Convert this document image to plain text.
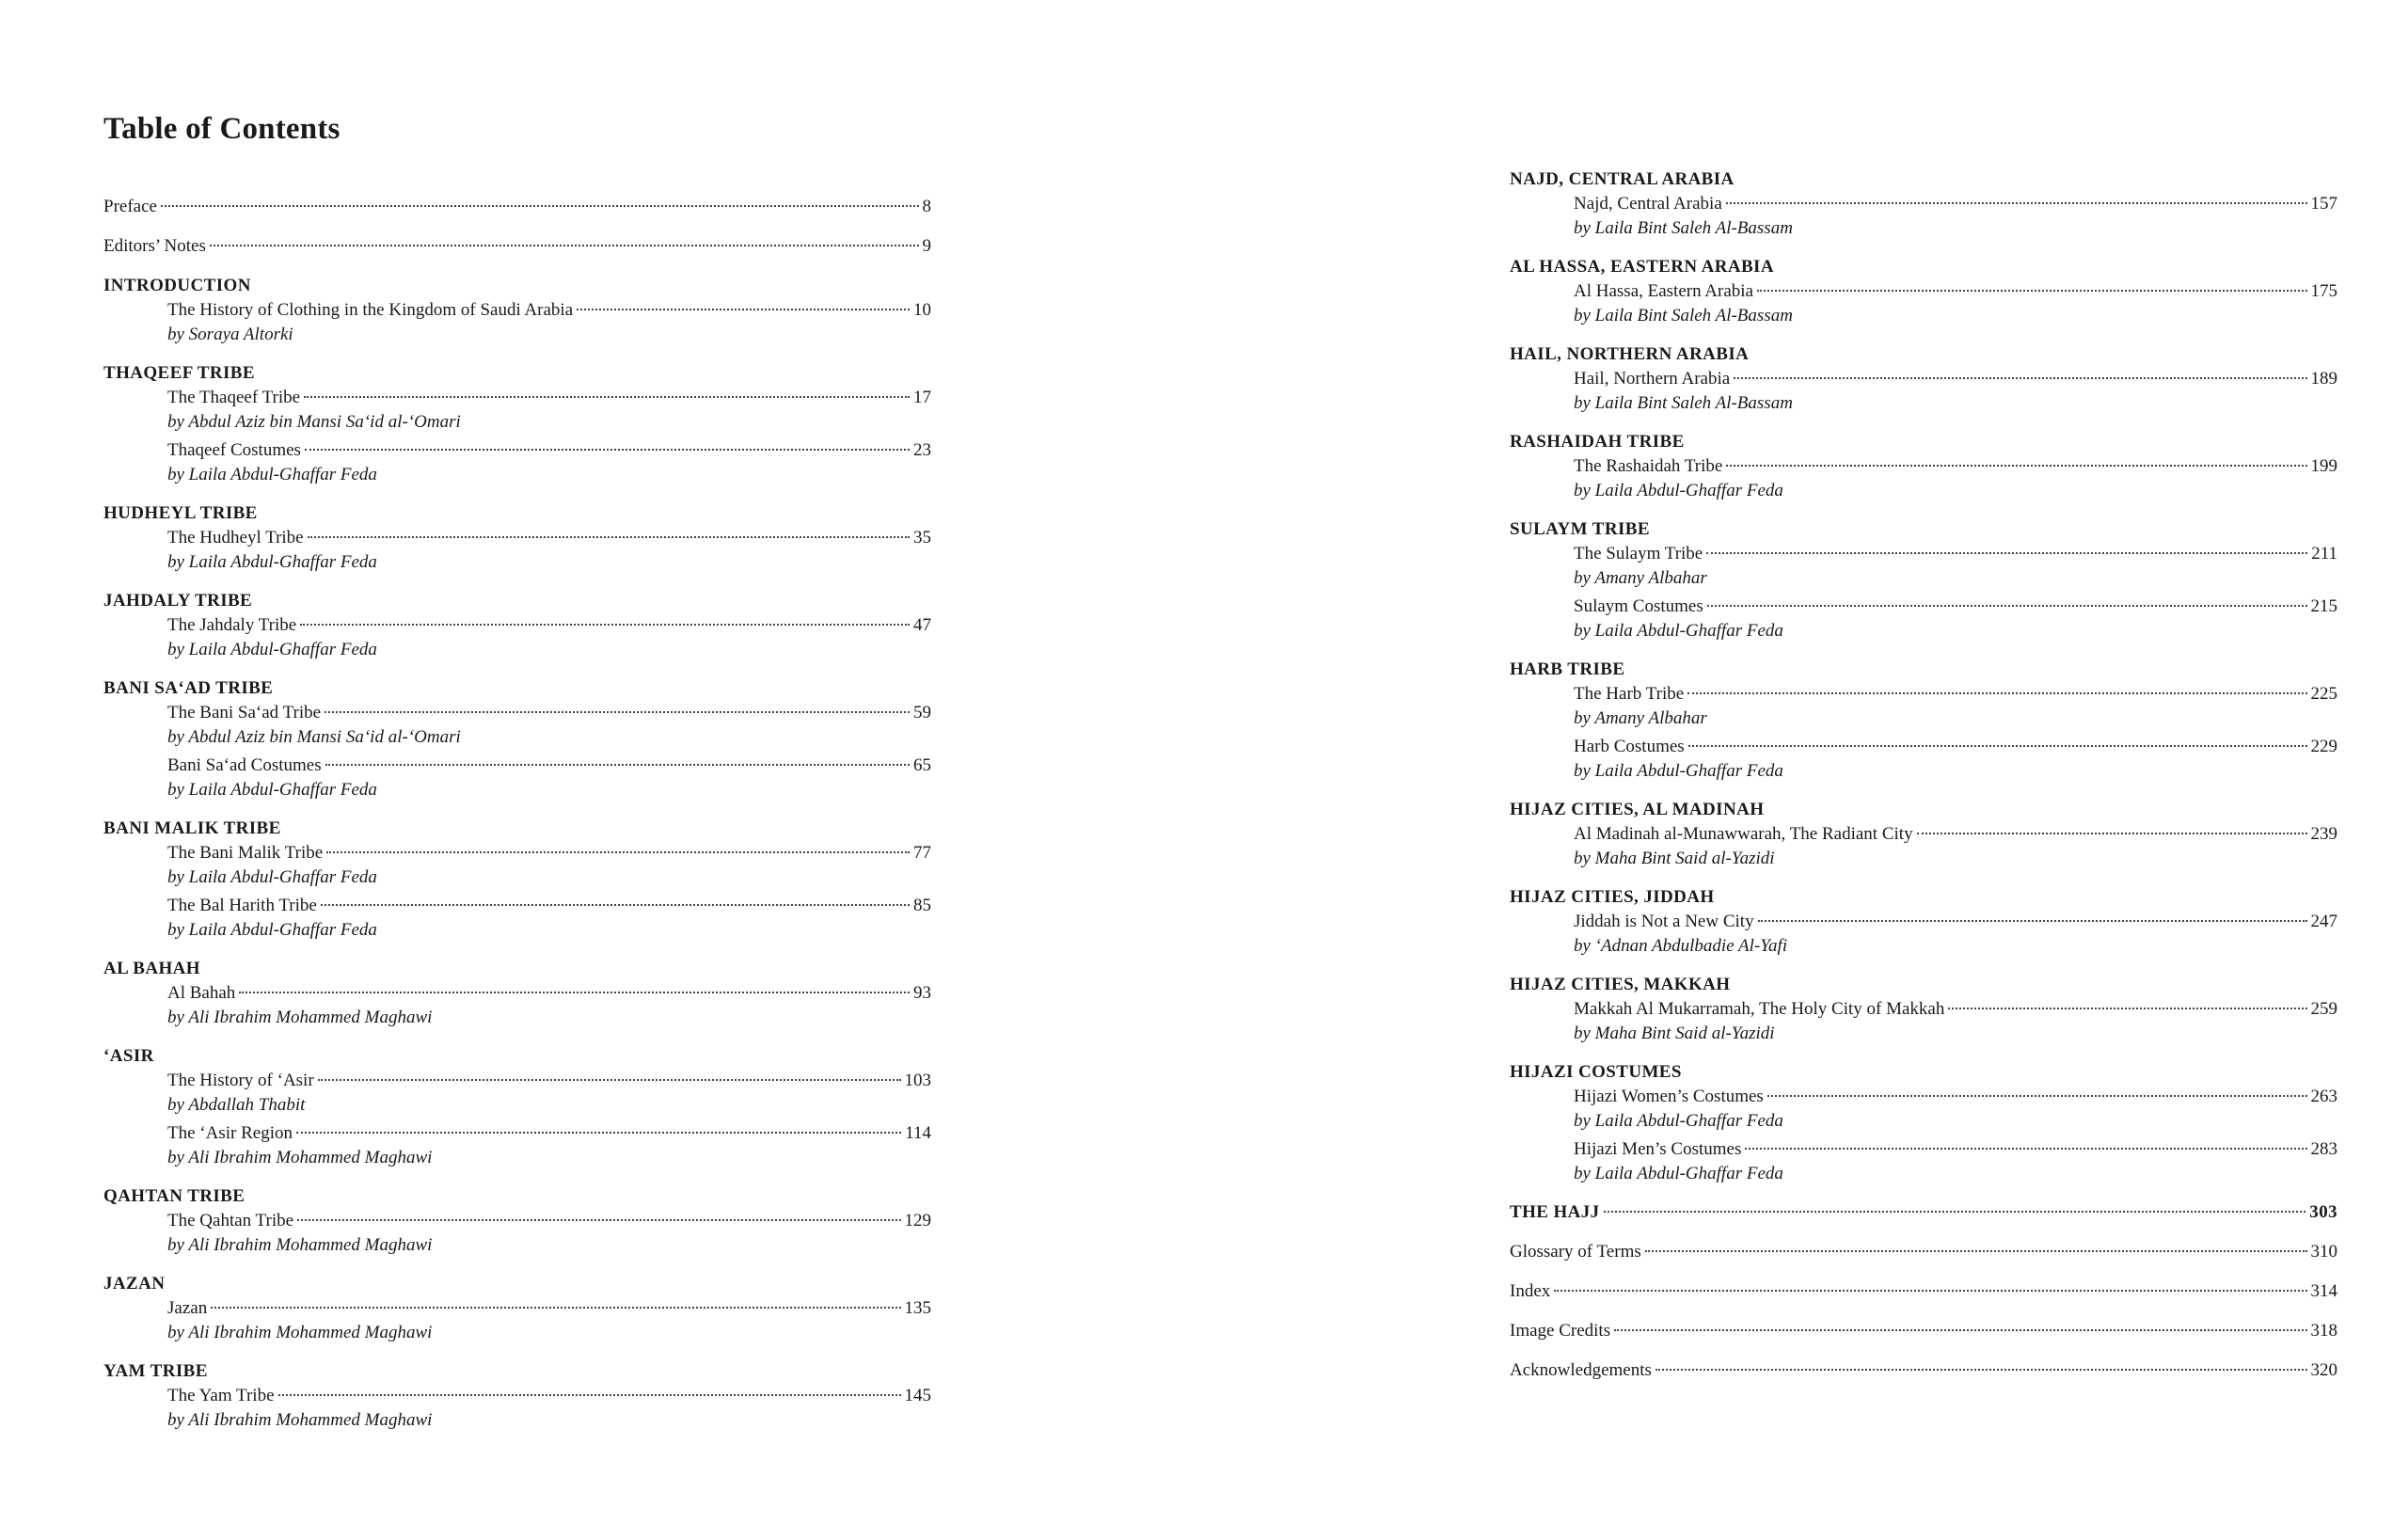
Table of Contents
Preface	8
Editors’ Notes	9
INTRODUCTION
The History of Clothing in the Kingdom of Saudi Arabia	10
by Soraya Altorki
THAQEEF TRIBE
The Thaqeef Tribe	17
by Abdul Aziz bin Mansi Sa‘id al-‘Omari
Thaqeef Costumes	23
by Laila Abdul-Ghaffar Feda
HUDHEYL TRIBE
The Hudheyl Tribe	35
by Laila Abdul-Ghaffar Feda
JAHDALY TRIBE
The Jahdaly Tribe	47
by Laila Abdul-Ghaffar Feda
BANI SA‘AD TRIBE
The Bani Sa‘ad Tribe	59
by Abdul Aziz bin Mansi Sa‘id al-‘Omari
Bani Sa‘ad Costumes	65
by Laila Abdul-Ghaffar Feda
BANI MALIK TRIBE
The Bani Malik Tribe	77
by Laila Abdul-Ghaffar Feda
The Bal Harith Tribe	85
by Laila Abdul-Ghaffar Feda
AL BAHAH
Al Bahah	93
by Ali Ibrahim Mohammed Maghawi
‘ASIR
The History of ‘Asir	103
by Abdallah Thabit
The ‘Asir Region	114
by Ali Ibrahim Mohammed Maghawi
QAHTAN TRIBE
The Qahtan Tribe	129
by Ali Ibrahim Mohammed Maghawi
JAZAN
Jazan	135
by Ali Ibrahim Mohammed Maghawi
YAM TRIBE
The Yam Tribe	145
by Ali Ibrahim Mohammed Maghawi
NAJD, CENTRAL ARABIA
Najd, Central Arabia	157
by Laila Bint Saleh Al-Bassam
AL HASSA, EASTERN ARABIA
Al Hassa, Eastern Arabia	175
by Laila Bint Saleh Al-Bassam
HAIL, NORTHERN ARABIA
Hail, Northern Arabia	189
by Laila Bint Saleh Al-Bassam
RASHAIDAH TRIBE
The Rashaidah Tribe	199
by Laila Abdul-Ghaffar Feda
SULAYM TRIBE
The Sulaym Tribe	211
by Amany Albahar
Sulaym Costumes	215
by Laila Abdul-Ghaffar Feda
HARB TRIBE
The Harb Tribe	225
by Amany Albahar
Harb Costumes	229
by Laila Abdul-Ghaffar Feda
HIJAZ CITIES, AL MADINAH
Al Madinah al-Munawwarah, The Radiant City	239
by Maha Bint Said al-Yazidi
HIJAZ CITIES, JIDDAH
Jiddah is Not a New City	247
by ‘Adnan Abdulbadie Al-Yafi
HIJAZ CITIES, MAKKAH
Makkah Al Mukarramah, The Holy City of Makkah	259
by Maha Bint Said al-Yazidi
HIJAZI COSTUMES
Hijazi Women’s Costumes	263
by Laila Abdul-Ghaffar Feda
Hijazi Men’s Costumes	283
by Laila Abdul-Ghaffar Feda
THE HAJJ	303
Glossary of Terms	310
Index	314
Image Credits	318
Acknowledgements	320
